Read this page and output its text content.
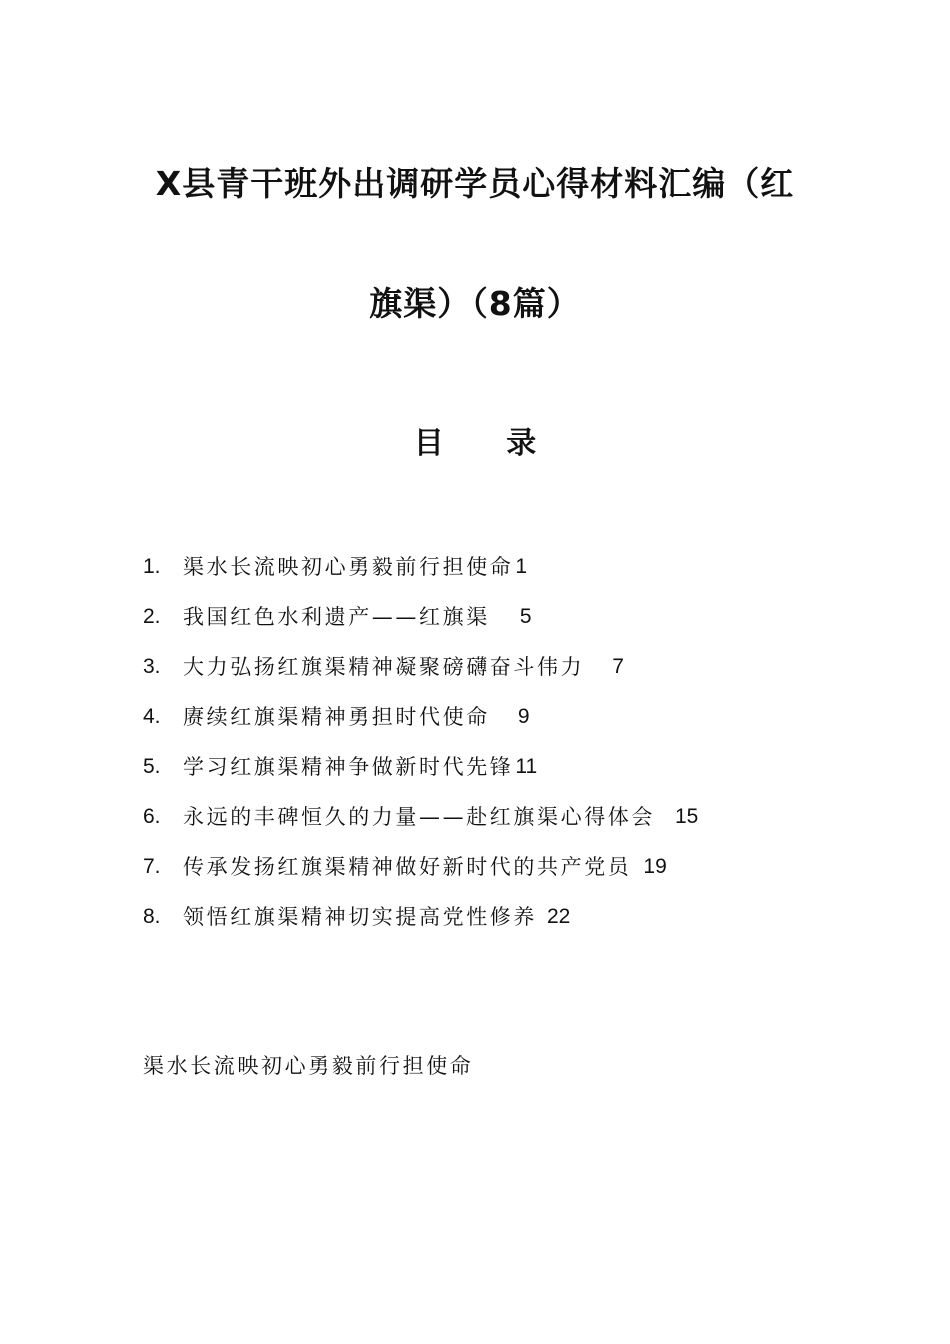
X县青干班外出调研学员心得材料汇编（红
旗渠）（8篇）
目 录
1.	渠水长流映初心勇毅前行担使命 1
2.	我国红色水利遗产——红旗渠 5
3.	大力弘扬红旗渠精神凝聚磅礴奋斗伟力 7
4.	赓续红旗渠精神勇担时代使命 9
5.	学习红旗渠精神争做新时代先锋 11
6.	永远的丰碑恒久的力量——赴红旗渠心得体会 15
7.	传承发扬红旗渠精神做好新时代的共产党员 19
8.	领悟红旗渠精神切实提高党性修养 22
渠水长流映初心勇毅前行担使命
